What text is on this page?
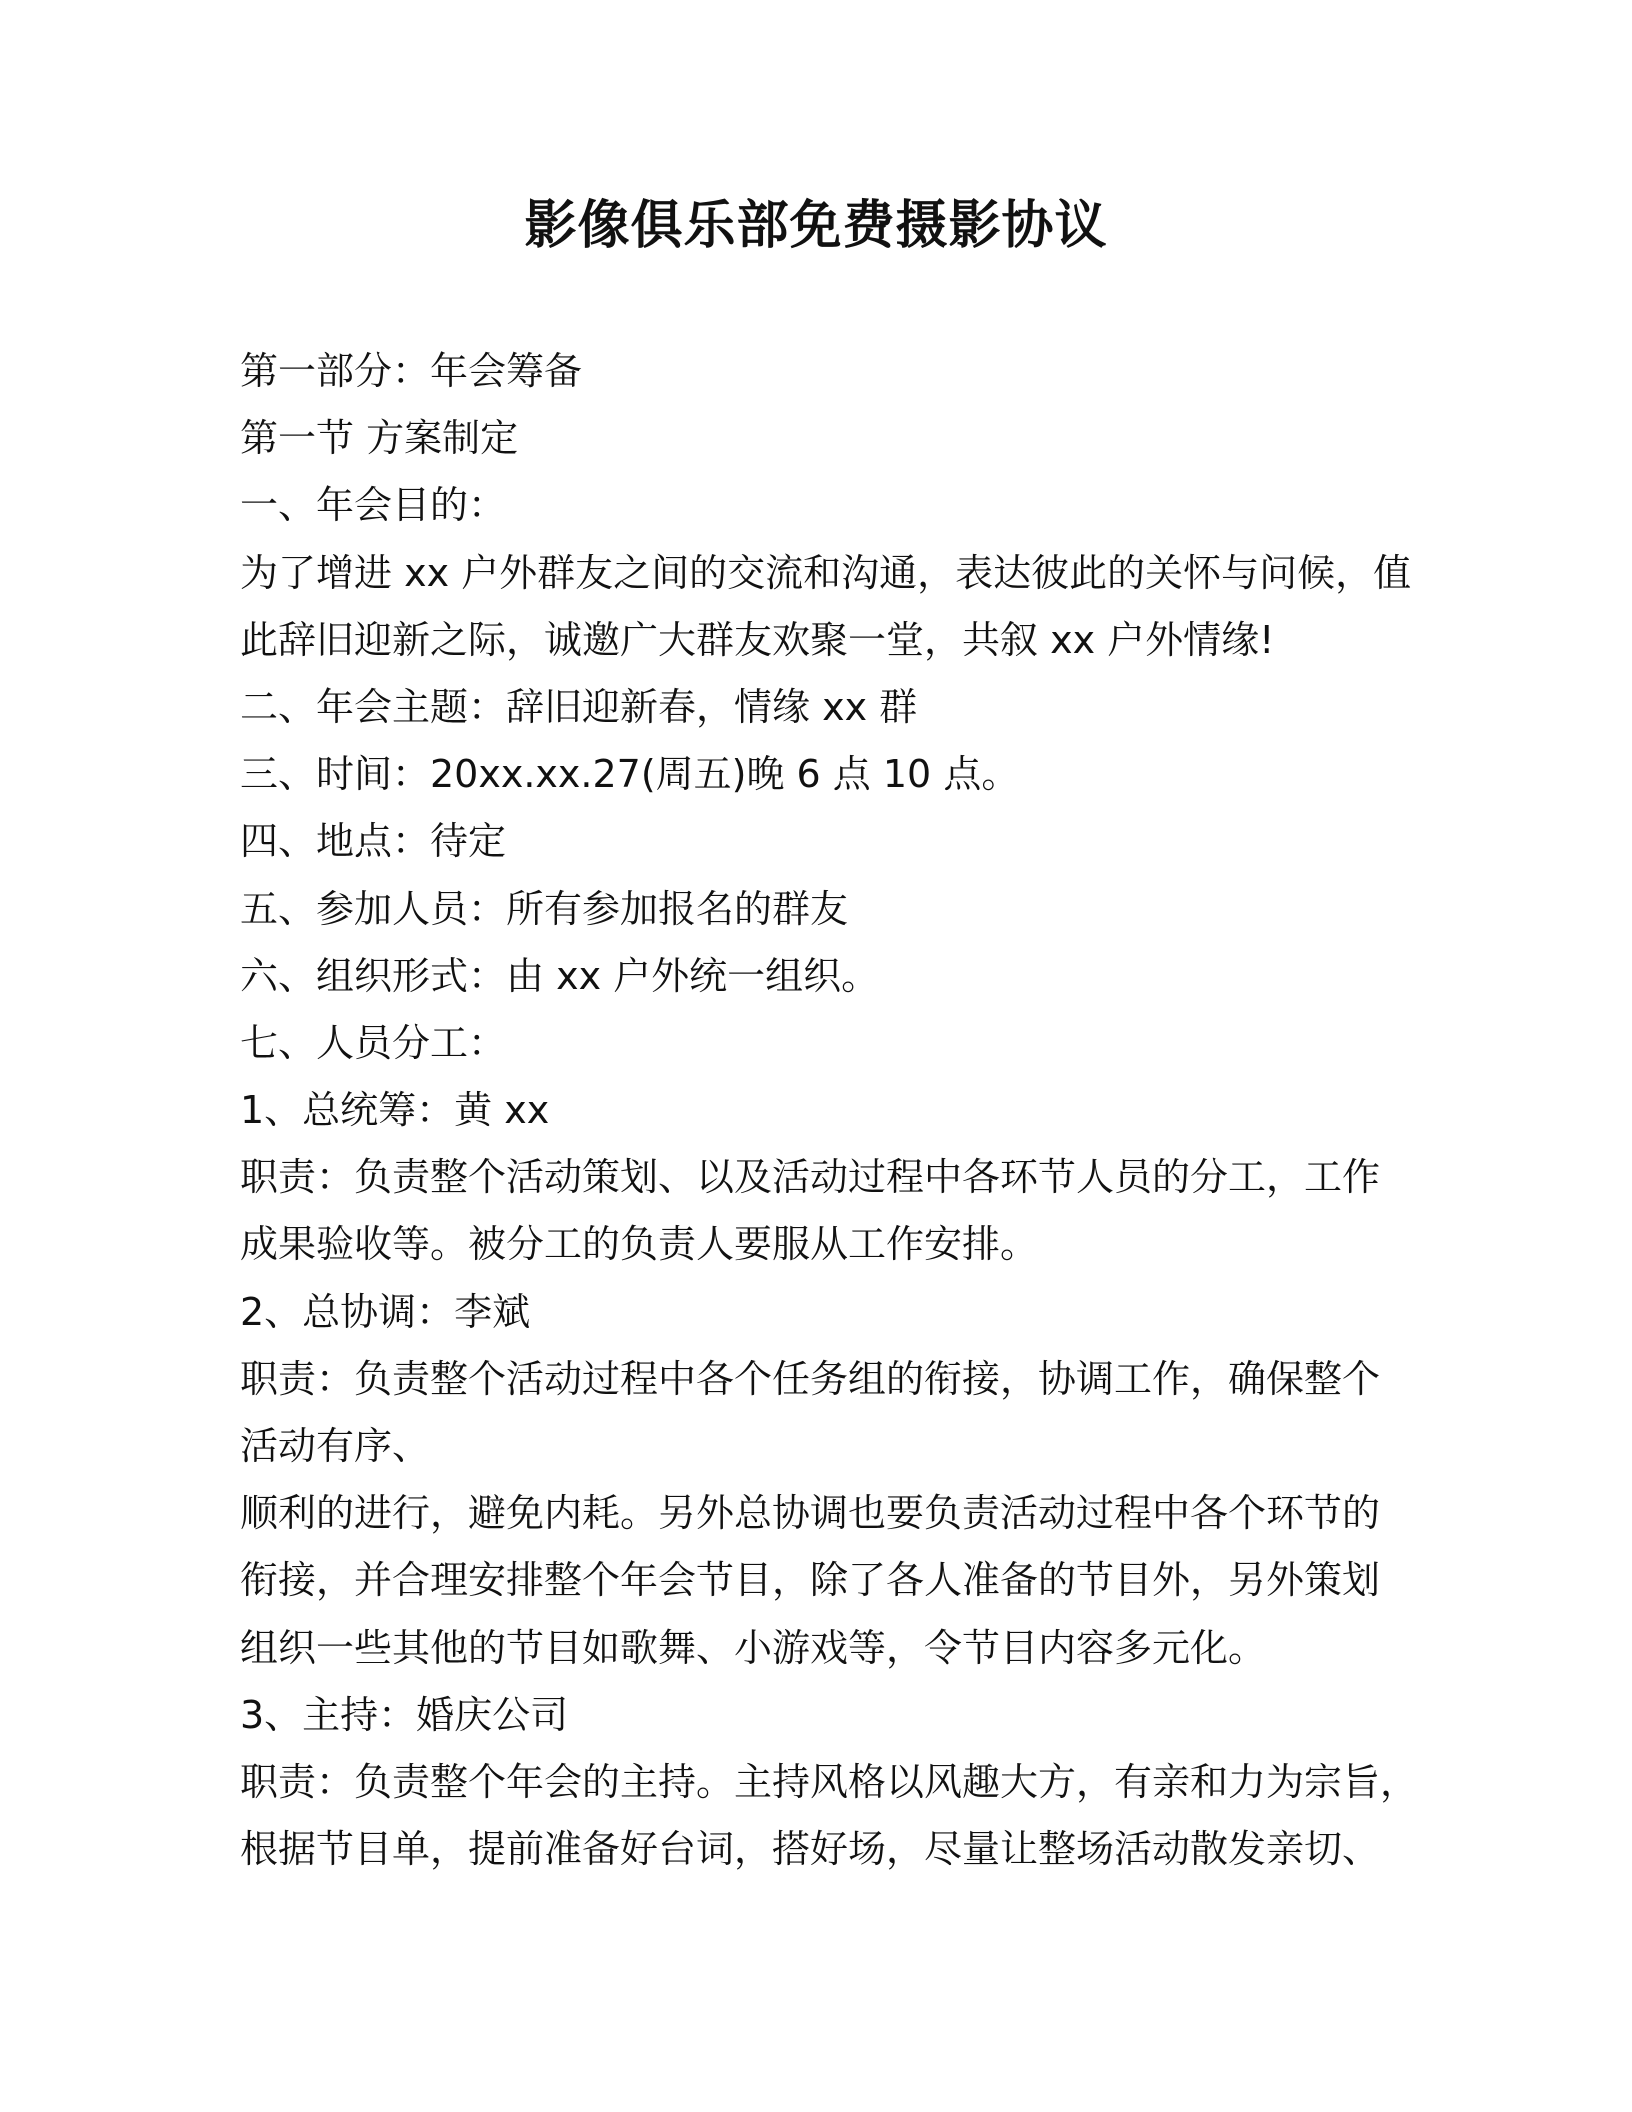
影像俱乐部免费摄影协议
第一部分：年会筹备
第一节 方案制定
一、年会目的：
为了增进 xx 户外群友之间的交流和沟通，表达彼此的关怀与问候，值
此辞旧迎新之际，诚邀广大群友欢聚一堂，共叙 xx 户外情缘!
二、年会主题：辞旧迎新春，情缘 xx 群
三、时间：20xx.xx.27(周五)晚 6 点 10 点。
四、地点：待定
五、参加人员：所有参加报名的群友
六、组织形式：由 xx 户外统一组织。
七、人员分工：
1、总统筹：黄 xx
职责：负责整个活动策划、以及活动过程中各环节人员的分工，工作
成果验收等。被分工的负责人要服从工作安排。
2、总协调：李斌
职责：负责整个活动过程中各个任务组的衔接，协调工作，确保整个
活动有序、
顺利的进行，避免内耗。另外总协调也要负责活动过程中各个环节的
衔接，并合理安排整个年会节目，除了各人准备的节目外，另外策划
组织一些其他的节目如歌舞、小游戏等，令节目内容多元化。
3、主持：婚庆公司
职责：负责整个年会的主持。主持风格以风趣大方，有亲和力为宗旨，
根据节目单，提前准备好台词，搭好场，尽量让整场活动散发亲切、
